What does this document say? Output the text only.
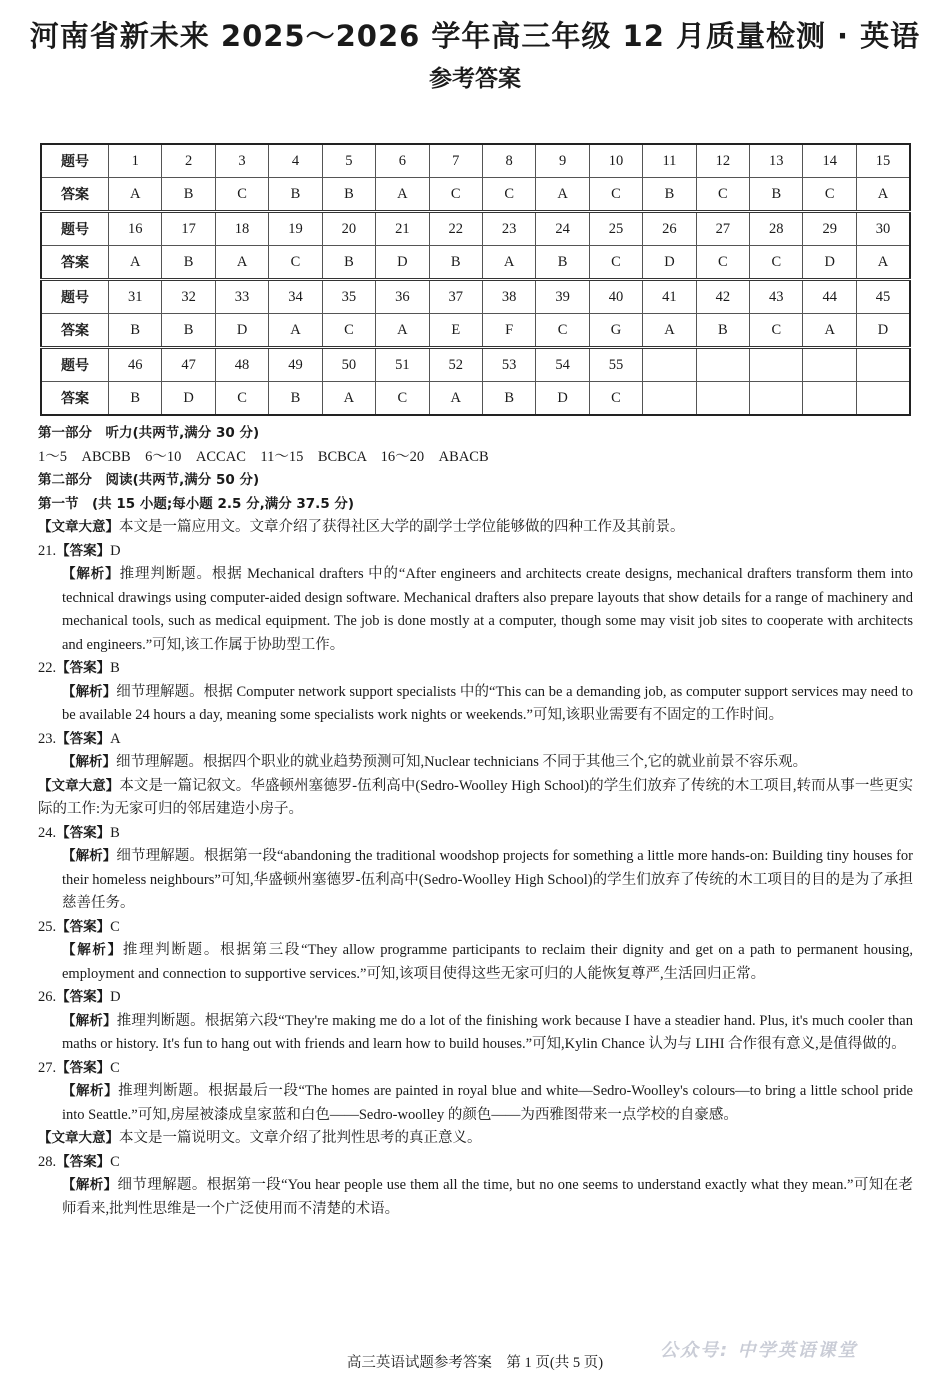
河南省新未来 2025～2026 学年高三年级 12 月质量检测 · 英语
参考答案
题号	1	2	3	4	5	6	7	8	9	10	11	12	13	14	15
答案	A	B	C	B	B	A	C	C	A	C	B	C	B	C	A
题号	16	17	18	19	20	21	22	23	24	25	26	27	28	29	30
答案	A	B	A	C	B	D	B	A	B	C	D	C	C	D	A
题号	31	32	33	34	35	36	37	38	39	40	41	42	43	44	45
答案	B	B	D	A	C	A	E	F	C	G	A	B	C	A	D
题号	46	47	48	49	50	51	52	53	54	55					
答案	B	D	C	B	A	C	A	B	D	C					

第一部分　听力(共两节,满分 30 分)

1～5　ABCBB　6～10　ACCAC　11～15　BCBCA　16～20　ABACB

第二部分　阅读(共两节,满分 50 分)

第一节　(共 15 小题;每小题 2.5 分,满分 37.5 分)

【文章大意】本文是一篇应用文。文章介绍了获得社区大学的副学士学位能够做的四种工作及其前景。

21.【答案】D

【解析】推理判断题。根据 Mechanical drafters 中的“After engineers and architects create designs, mechanical drafters transform them into technical drawings using computer-aided design software. Mechanical drafters also prepare layouts that show details for a range of machinery and mechanical tools, such as medical equipment. The job is done mostly at a computer, though some may visit job sites to cooperate with architects and engineers.”可知,该工作属于协助型工作。

22.【答案】B

【解析】细节理解题。根据 Computer network support specialists 中的“This can be a demanding job, as computer support services may need to be available 24 hours a day, meaning some specialists work nights or weekends.”可知,该职业需要有不固定的工作时间。

23.【答案】A

【解析】细节理解题。根据四个职业的就业趋势预测可知,Nuclear technicians 不同于其他三个,它的就业前景不容乐观。

【文章大意】本文是一篇记叙文。华盛顿州塞德罗-伍利高中(Sedro-Woolley High School)的学生们放弃了传统的木工项目,转而从事一些更实际的工作:为无家可归的邻居建造小房子。

24.【答案】B

【解析】细节理解题。根据第一段“abandoning the traditional woodshop projects for something a little more hands-on: Building tiny houses for their homeless neighbours”可知,华盛顿州塞德罗-伍利高中(Sedro-Woolley High School)的学生们放弃了传统的木工项目的目的是为了承担慈善任务。

25.【答案】C

【解析】推理判断题。根据第三段“They allow programme participants to reclaim their dignity and get on a path to permanent housing, employment and connection to supportive services.”可知,该项目使得这些无家可归的人能恢复尊严,生活回归正常。

26.【答案】D

【解析】推理判断题。根据第六段“They're making me do a lot of the finishing work because I have a steadier hand. Plus, it's much cooler than maths or history. It's fun to hang out with friends and learn how to build houses.”可知,Kylin Chance 认为与 LIHI 合作很有意义,是值得做的。

27.【答案】C

【解析】推理判断题。根据最后一段“The homes are painted in royal blue and white—Sedro-Woolley's colours—to bring a little school pride into Seattle.”可知,房屋被漆成皇家蓝和白色——Sedro-woolley 的颜色——为西雅图带来一点学校的自豪感。

【文章大意】本文是一篇说明文。文章介绍了批判性思考的真正意义。

28.【答案】C

【解析】细节理解题。根据第一段“You hear people use them all the time, but no one seems to understand exactly what they mean.”可知在老师看来,批判性思维是一个广泛使用而不清楚的术语。

公众号: 中学英语课堂
高三英语试题参考答案　第 1 页(共 5 页)
